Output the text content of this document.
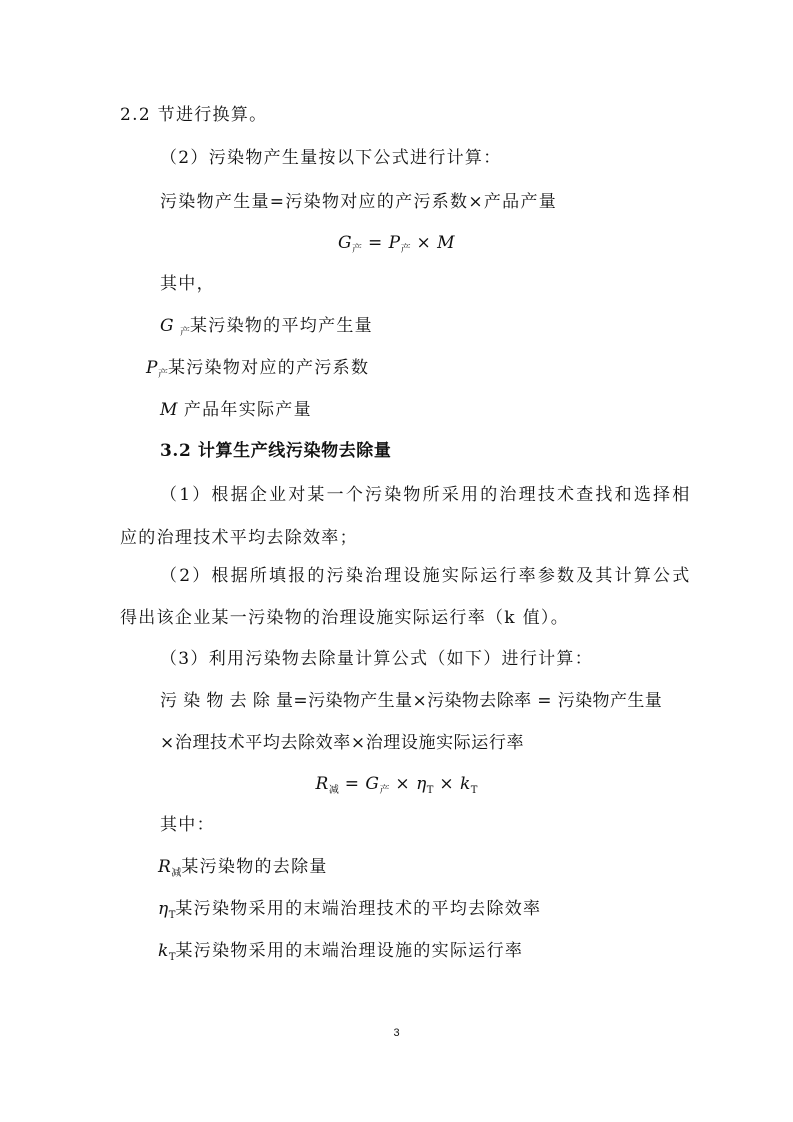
2.2 节进行换算。
（2）污染物产生量按以下公式进行计算：
污染物产生量=污染物对应的产污系数×产品产量
$G_产 = P_产 \times M$
其中，
G $_产$某污染物的平均产生量
$P_产$某污染物对应的产污系数
M 产品年实际产量
3.2 计算生产线污染物去除量
（1）根据企业对某一个污染物所采用的治理技术查找和选择相
应的治理技术平均去除效率；
（2）根据所填报的污染治理设施实际运行率参数及其计算公式
得出该企业某一污染物的治理设施实际运行率（k 值）。
（3）利用污染物去除量计算公式（如下）进行计算：
污 染 物 去 除 量=污染物产生量×污染物去除率 = 污染物产生量
×治理技术平均去除效率×治理设施实际运行率
$R_减 = G_产 \times \eta_T \times k_T$
其中：
$R_减$某污染物的去除量
$\eta_T$某污染物采用的末端治理技术的平均去除效率
$k_T$某污染物采用的末端治理设施的实际运行率
3
